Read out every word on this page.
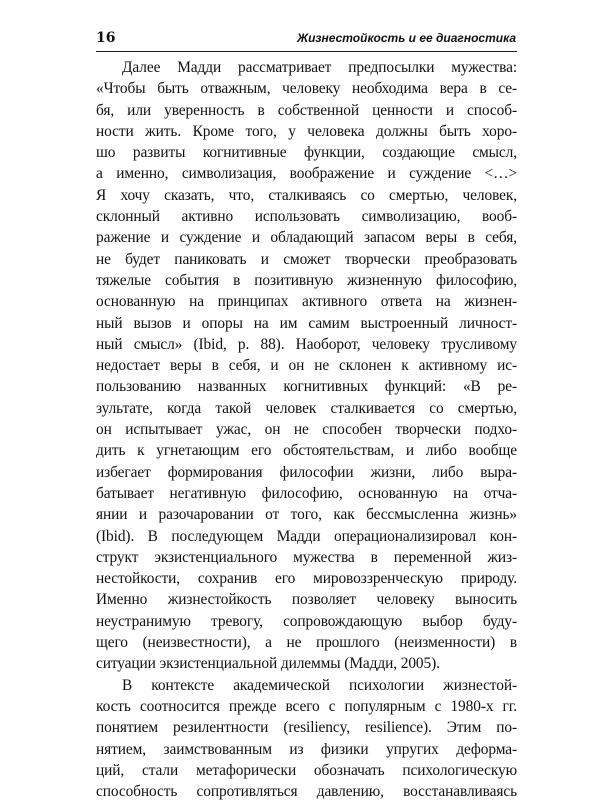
16	Жизнестойкость и ее диагностика
Далее Мадди рассматривает предпосылки мужества:
«Чтобы быть отважным, человеку необходима вера в се-
бя, или уверенность в собственной ценности и способ-
ности жить. Кроме того, у человека должны быть хоро-
шо развиты когнитивные функции, создающие смысл,
а именно, символизация, воображение и суждение <…>
Я хочу сказать, что, сталкиваясь со смертью, человек,
склонный активно использовать символизацию, вооб-
ражение и суждение и обладающий запасом веры в себя,
не будет паниковать и сможет творчески преобразовать
тяжелые события в позитивную жизненную философию,
основанную на принципах активного ответа на жизнен-
ный вызов и опоры на им самим выстроенный личност-
ный смысл» (Ibid, p. 88). Наоборот, человеку трусливому
недостает веры в себя, и он не склонен к активному ис-
пользованию названных когнитивных функций: «В ре-
зультате, когда такой человек сталкивается со смертью,
он испытывает ужас, он не способен творчески подхо-
дить к угнетающим его обстоятельствам, и либо вообще
избегает формирования философии жизни, либо выра-
батывает негативную философию, основанную на отча-
янии и разочаровании от того, как бессмысленна жизнь»
(Ibid). В последующем Мадди операционализировал кон-
структ экзистенциального мужества в переменной жиз-
нестойкости, сохранив его мировоззренческую природу.
Именно жизнестойкость позволяет человеку выносить
неустранимую тревогу, сопровождающую выбор буду-
щего (неизвестности), а не прошлого (неизменности) в
ситуации экзистенциальной дилеммы (Мадди, 2005).
В контексте академической психологии жизнестой-
кость соотносится прежде всего с популярным с 1980-х гг.
понятием резилентности (resiliency, resilience). Этим по-
нятием, заимствованным из физики упругих деформа-
ций, стали метафорически обозначать психологическую
способность сопротивляться давлению, восстанавливаясь
